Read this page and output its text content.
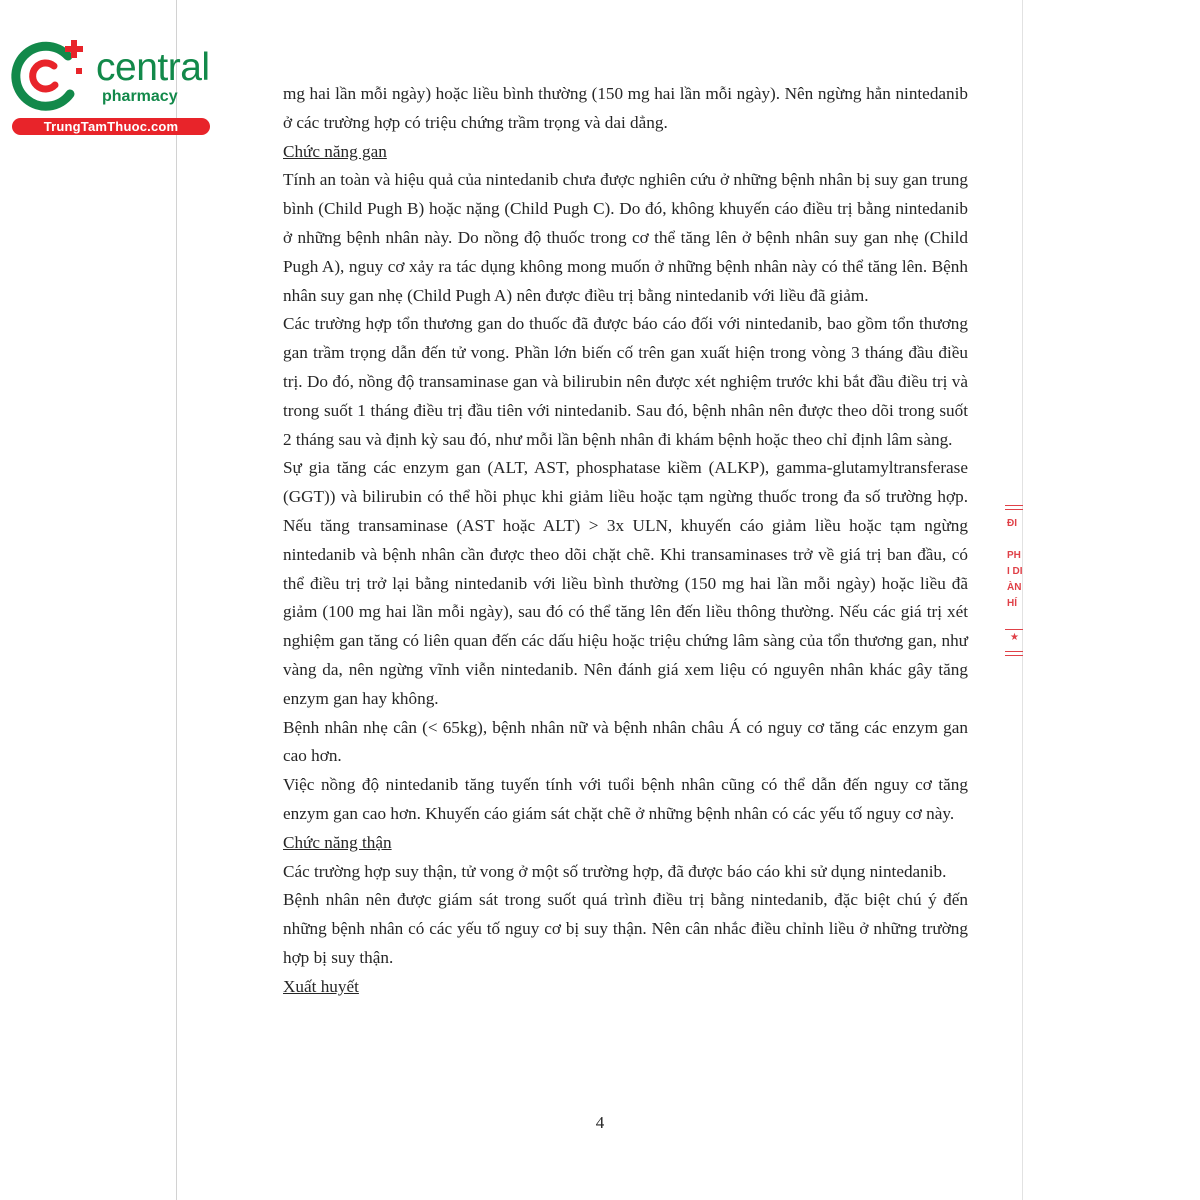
central
pharmacy
TrungTamThuoc.com

mg hai lần mỗi ngày) hoặc liều bình thường (150 mg hai lần mỗi ngày). Nên ngừng hẳn nintedanib ở các trường hợp có triệu chứng trầm trọng và dai dẳng.

Chức năng gan

Tính an toàn và hiệu quả của nintedanib chưa được nghiên cứu ở những bệnh nhân bị suy gan trung bình (Child Pugh B) hoặc nặng (Child Pugh C). Do đó, không khuyến cáo điều trị bằng nintedanib ở những bệnh nhân này. Do nồng độ thuốc trong cơ thể tăng lên ở bệnh nhân suy gan nhẹ (Child Pugh A), nguy cơ xảy ra tác dụng không mong muốn ở những bệnh nhân này có thể tăng lên. Bệnh nhân suy gan nhẹ (Child Pugh A) nên được điều trị bằng nintedanib với liều đã giảm.

Các trường hợp tổn thương gan do thuốc đã được báo cáo đối với nintedanib, bao gồm tổn thương gan trầm trọng dẫn đến tử vong. Phần lớn biến cố trên gan xuất hiện trong vòng 3 tháng đầu điều trị. Do đó, nồng độ transaminase gan và bilirubin nên được xét nghiệm trước khi bắt đầu điều trị và trong suốt 1 tháng điều trị đầu tiên với nintedanib. Sau đó, bệnh nhân nên được theo dõi trong suốt 2 tháng sau và định kỳ sau đó, như mỗi lần bệnh nhân đi khám bệnh hoặc theo chỉ định lâm sàng.

Sự gia tăng các enzym gan (ALT, AST, phosphatase kiềm (ALKP), gamma-glutamyltransferase (GGT)) và bilirubin có thể hồi phục khi giảm liều hoặc tạm ngừng thuốc trong đa số trường hợp. Nếu tăng transaminase (AST hoặc ALT) > 3x ULN, khuyến cáo giảm liều hoặc tạm ngừng nintedanib và bệnh nhân cần được theo dõi chặt chẽ. Khi transaminases trở về giá trị ban đầu, có thể điều trị trở lại bằng nintedanib với liều bình thường (150 mg hai lần mỗi ngày) hoặc liều đã giảm (100 mg hai lần mỗi ngày), sau đó có thể tăng lên đến liều thông thường. Nếu các giá trị xét nghiệm gan tăng có liên quan đến các dấu hiệu hoặc triệu chứng lâm sàng của tổn thương gan, như vàng da, nên ngừng vĩnh viễn nintedanib. Nên đánh giá xem liệu có nguyên nhân khác gây tăng enzym gan hay không.

Bệnh nhân nhẹ cân (< 65kg), bệnh nhân nữ và bệnh nhân châu Á có nguy cơ tăng các enzym gan cao hơn.

Việc nồng độ nintedanib tăng tuyến tính với tuổi bệnh nhân cũng có thể dẫn đến nguy cơ tăng enzym gan cao hơn. Khuyến cáo giám sát chặt chẽ ở những bệnh nhân có các yếu tố nguy cơ này.

Chức năng thận

Các trường hợp suy thận, tử vong ở một số trường hợp, đã được báo cáo khi sử dụng nintedanib.

Bệnh nhân nên được giám sát trong suốt quá trình điều trị bằng nintedanib, đặc biệt chú ý đến những bệnh nhân có các yếu tố nguy cơ bị suy thận. Nên cân nhắc điều chỉnh liều ở những trường hợp bị suy thận.

Xuất huyết

4
ĐI
PH
I DI
ÀN
HÍ
★
